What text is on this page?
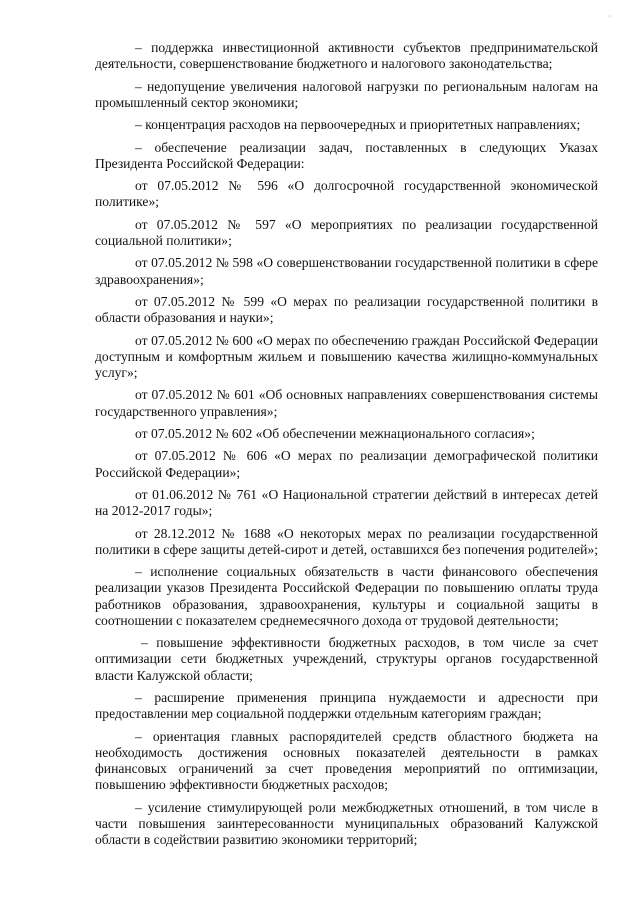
"

– поддержка инвестиционной активности субъектов предпринимательской деятельности, совершенствование бюджетного и налогового законодательства;

– недопущение увеличения налоговой нагрузки по региональным налогам на промышленный сектор экономики;

– концентрация расходов на первоочередных и приоритетных направлениях;

– обеспечение реализации задач, поставленных в следующих Указах Президента Российской Федерации:

от 07.05.2012 № 596 «О долгосрочной государственной экономической политике»;

от 07.05.2012 № 597 «О мероприятиях по реализации государственной социальной политики»;

от 07.05.2012 № 598 «О совершенствовании государственной политики в сфере здравоохранения»;

от 07.05.2012 № 599 «О мерах по реализации государственной политики в области образования и науки»;

от 07.05.2012 № 600 «О мерах по обеспечению граждан Российской Федерации доступным и комфортным жильем и повышению качества жилищно-коммунальных услуг»;

от 07.05.2012 № 601 «Об основных направлениях совершенствования системы государственного управления»;

от 07.05.2012 № 602 «Об обеспечении межнационального согласия»;

от 07.05.2012 № 606 «О мерах по реализации демографической политики Российской Федерации»;

от 01.06.2012 № 761 «О Национальной стратегии действий в интересах детей на 2012-2017 годы»;

от 28.12.2012 № 1688 «О некоторых мерах по реализации государственной политики в сфере защиты детей-сирот и детей, оставшихся без попечения родителей»;

– исполнение социальных обязательств в части финансового обеспечения реализации указов Президента Российской Федерации по повышению оплаты труда работников образования, здравоохранения, культуры и социальной защиты в соотношении с показателем среднемесячного дохода от трудовой деятельности;

– повышение эффективности бюджетных расходов, в том числе за счет оптимизации сети бюджетных учреждений, структуры органов государственной власти Калужской области;

– расширение применения принципа нуждаемости и адресности при предоставлении мер социальной поддержки отдельным категориям граждан;

– ориентация главных распорядителей средств областного бюджета на необходимость достижения основных показателей деятельности в рамках финансовых ограничений за счет проведения мероприятий по оптимизации, повышению эффективности бюджетных расходов;

– усиление стимулирующей роли межбюджетных отношений, в том числе в части повышения заинтересованности муниципальных образований Калужской области в содействии развитию экономики территорий;
